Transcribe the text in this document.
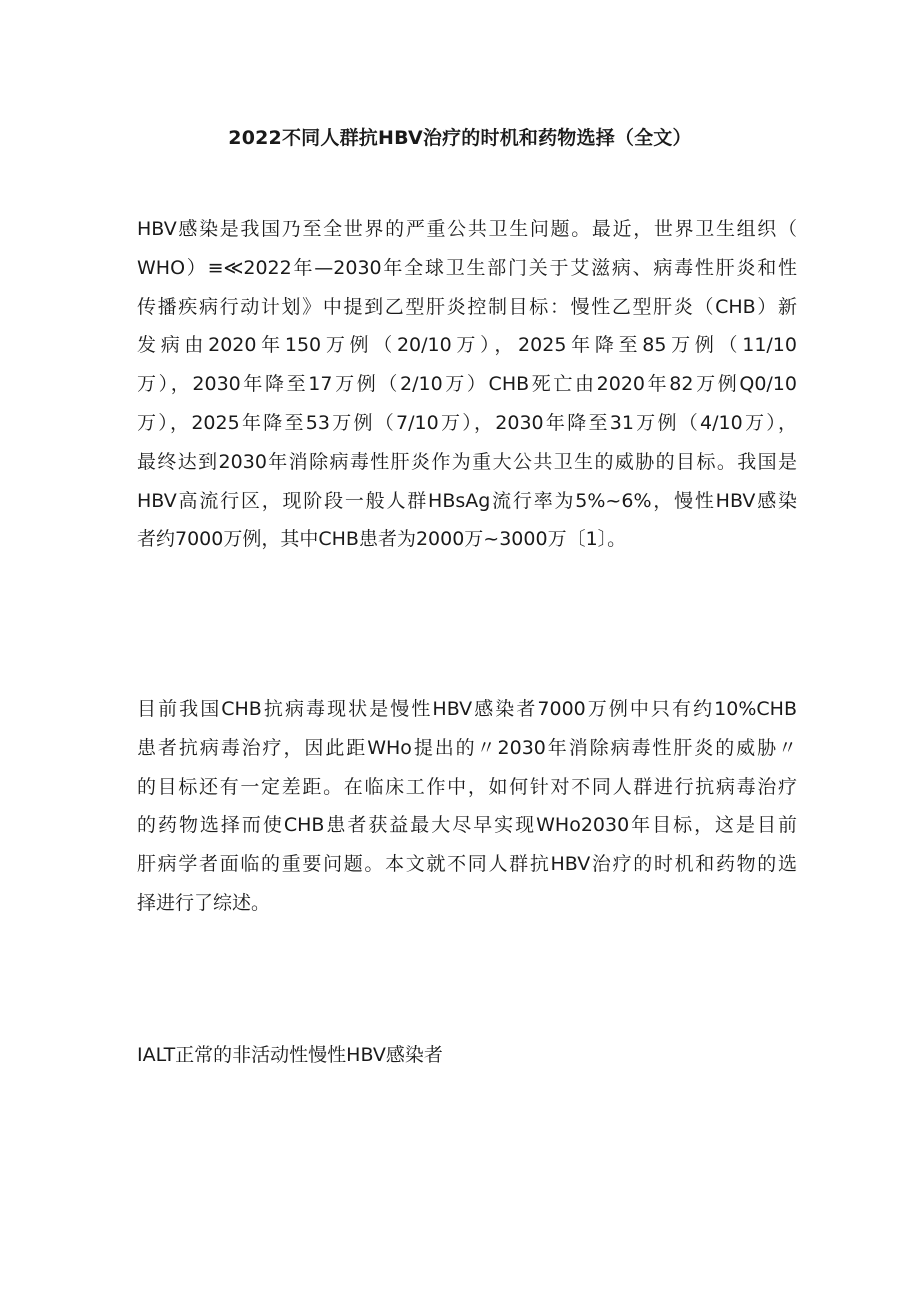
2022不同人群抗HBV治疗的时机和药物选择（全文）
HBV感染是我国乃至全世界的严重公共卫生问题。最近，世界卫生组织（
WHO）≡≪2022年—2030年全球卫生部门关于艾滋病、病毒性肝炎和性
传播疾病行动计划》中提到乙型肝炎控制目标：慢性乙型肝炎（CHB）新
发病由2020年150万例（20/10万），2025年降至85万例（11/10
万），2030年降至17万例（2/10万）CHB死亡由2020年82万例Q0/10
万），2025年降至53万例（7/10万），2030年降至31万例（4/10万），
最终达到2030年消除病毒性肝炎作为重大公共卫生的威胁的目标。我国是
HBV高流行区，现阶段一般人群HBsAg流行率为5%~6%，慢性HBV感染
者约7000万例，其中CHB患者为2000万~3000万〔1〕。
目前我国CHB抗病毒现状是慢性HBV感染者7000万例中只有约10%CHB
患者抗病毒治疗，因此距WHo提出的〃2030年消除病毒性肝炎的威胁〃
的目标还有一定差距。在临床工作中，如何针对不同人群进行抗病毒治疗
的药物选择而使CHB患者获益最大尽早实现WHo2030年目标，这是目前
肝病学者面临的重要问题。本文就不同人群抗HBV治疗的时机和药物的选
择进行了综述。
IALT正常的非活动性慢性HBV感染者
